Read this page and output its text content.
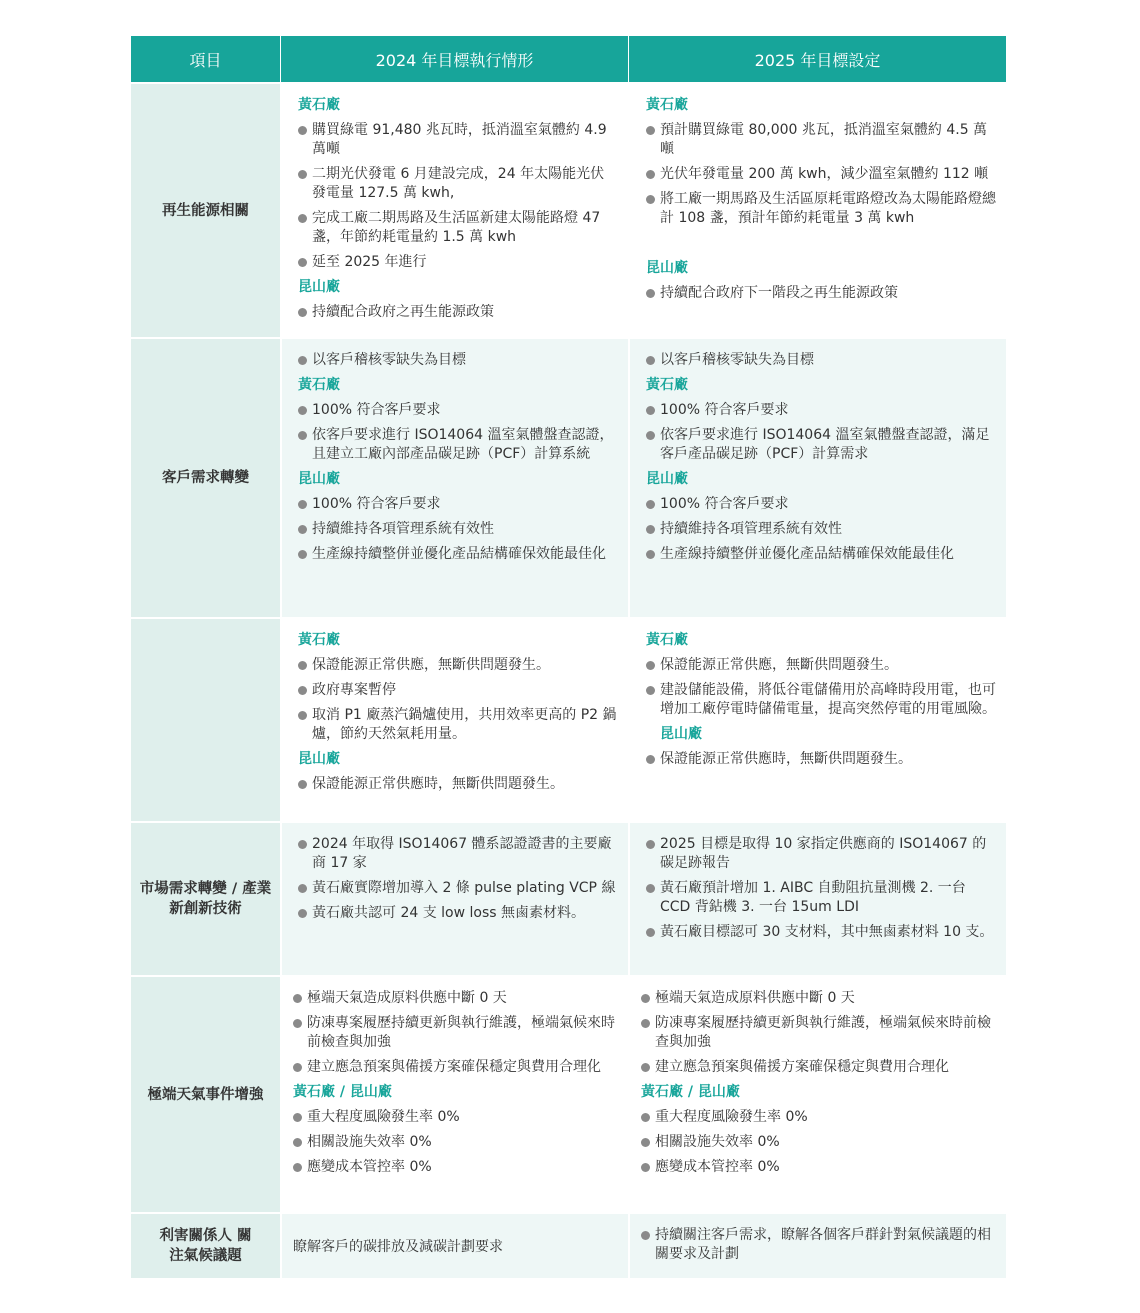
項目	2024 年目標執行情形	2025 年目標設定
再生能源相關
黃石廠
購買綠電 91,480 兆瓦時，抵消溫室氣體約 4.9 萬噸
二期光伏發電 6 月建設完成，24 年太陽能光伏發電量 127.5 萬 kwh,
完成工廠二期馬路及生活區新建太陽能路燈 47 盞，年節約耗電量約 1.5 萬 kwh
延至 2025 年進行
昆山廠
持續配合政府之再生能源政策
黃石廠
預計購買綠電 80,000 兆瓦，抵消溫室氣體約 4.5 萬噸
光伏年發電量 200 萬 kwh，減少溫室氣體約 112 噸
將工廠一期馬路及生活區原耗電路燈改為太陽能路燈總計 108 盞，預計年節約耗電量 3 萬 kwh
昆山廠
持續配合政府下一階段之再生能源政策
客戶需求轉變
以客戶稽核零缺失為目標
黃石廠
100% 符合客戶要求
依客戶要求進行 ISO14064 溫室氣體盤查認證，且建立工廠內部產品碳足跡（PCF）計算系統
昆山廠
100% 符合客戶要求
持續維持各項管理系統有效性
生產線持續整併並優化產品結構確保效能最佳化
以客戶稽核零缺失為目標
黃石廠
100% 符合客戶要求
依客戶要求進行 ISO14064 溫室氣體盤查認證，滿足客戶產品碳足跡（PCF）計算需求
昆山廠
100% 符合客戶要求
持續維持各項管理系統有效性
生產線持續整併並優化產品結構確保效能最佳化
黃石廠
保證能源正常供應，無斷供問題發生。
政府專案暫停
取消 P1 廠蒸汽鍋爐使用，共用效率更高的 P2 鍋爐，節約天然氣耗用量。
昆山廠
保證能源正常供應時，無斷供問題發生。
黃石廠
保證能源正常供應，無斷供問題發生。
建設儲能設備，將低谷電儲備用於高峰時段用電，也可增加工廠停電時儲備電量，提高突然停電的用電風險。
昆山廠
保證能源正常供應時，無斷供問題發生。
市場需求轉變 / 產業新創新技術
2024 年取得 ISO14067 體系認證證書的主要廠商 17 家
黃石廠實際增加導入 2 條 pulse plating VCP 線
黃石廠共認可 24 支 low loss 無鹵素材料。
2025 目標是取得 10 家指定供應商的 ISO14067 的碳足跡報告
黃石廠預計增加 1. AIBC 自動阻抗量測機 2. 一台 CCD 背鉆機 3. 一台 15um LDI
黃石廠目標認可 30 支材料，其中無鹵素材料 10 支。
極端天氣事件增強
極端天氣造成原料供應中斷 0 天
防凍專案履歷持續更新與執行維護，極端氣候來時前檢查與加強
建立應急預案與備援方案確保穩定與費用合理化
黃石廠 / 昆山廠
重大程度風險發生率 0%
相關設施失效率 0%
應變成本管控率 0%
極端天氣造成原料供應中斷 0 天
防凍專案履歷持續更新與執行維護，極端氣候來時前檢查與加強
建立應急預案與備援方案確保穩定與費用合理化
黃石廠 / 昆山廠
重大程度風險發生率 0%
相關設施失效率 0%
應變成本管控率 0%
利害關係人 關注氣候議題
瞭解客戶的碳排放及減碳計劃要求
持續關注客戶需求，瞭解各個客戶群針對氣候議題的相關要求及計劃
